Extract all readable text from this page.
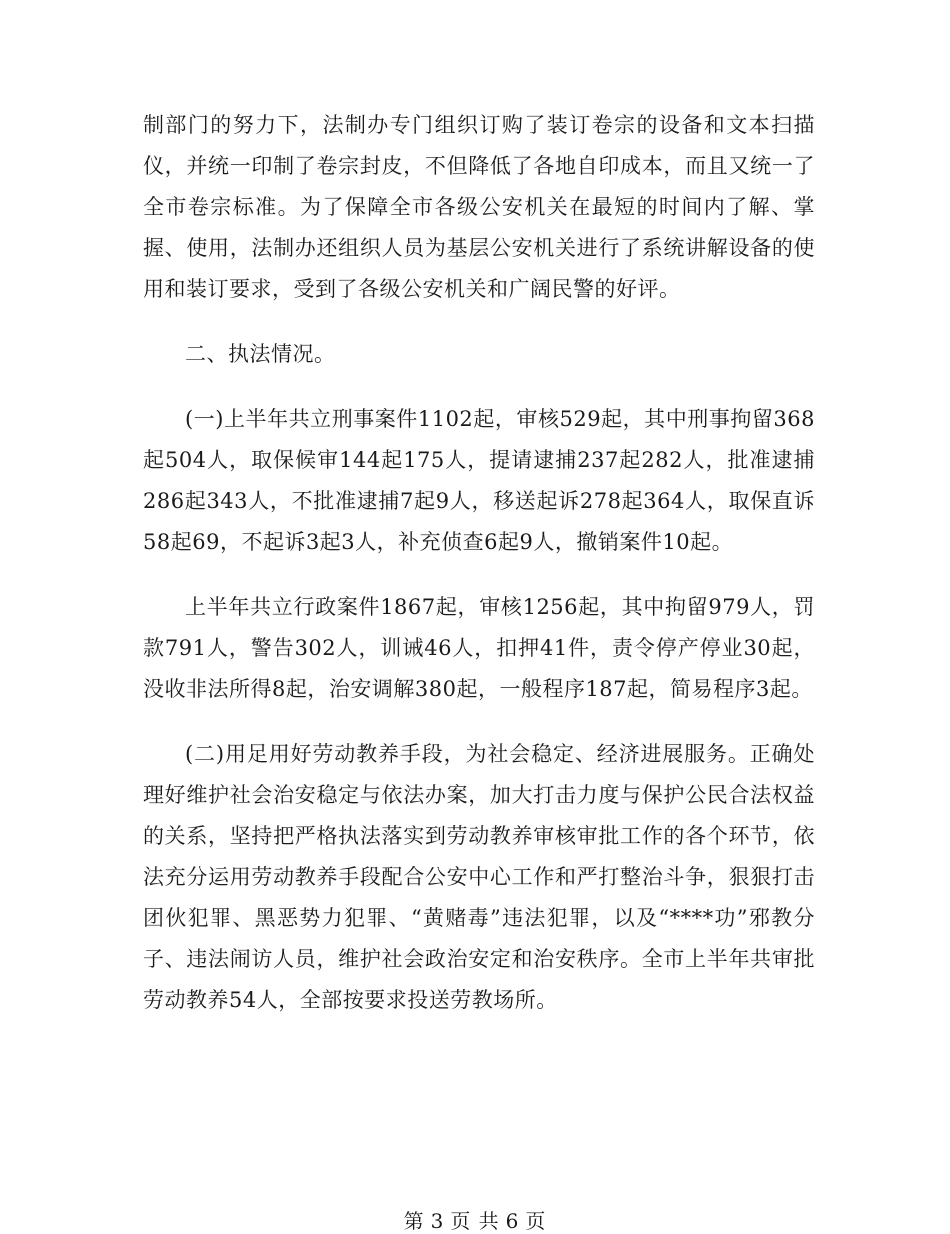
制部门的努力下，法制办专门组织订购了装订卷宗的设备和文本扫描仪，并统一印制了卷宗封皮，不但降低了各地自印成本，而且又统一了全市卷宗标准。为了保障全市各级公安机关在最短的时间内了解、掌握、使用，法制办还组织人员为基层公安机关进行了系统讲解设备的使用和装订要求，受到了各级公安机关和广阔民警的好评。

二、执法情况。

(一)上半年共立刑事案件1102起，审核529起，其中刑事拘留368起504人，取保候审144起175人，提请逮捕237起282人，批准逮捕286起343人，不批准逮捕7起9人，移送起诉278起364人，取保直诉58起69，不起诉3起3人，补充侦查6起9人，撤销案件10起。

上半年共立行政案件1867起，审核1256起，其中拘留979人，罚款791人，警告302人，训诫46人，扣押41件，责令停产停业30起，没收非法所得8起，治安调解380起，一般程序187起，简易程序3起。

(二)用足用好劳动教养手段，为社会稳定、经济进展服务。正确处理好维护社会治安稳定与依法办案，加大打击力度与保护公民合法权益的关系，坚持把严格执法落实到劳动教养审核审批工作的各个环节，依法充分运用劳动教养手段配合公安中心工作和严打整治斗争，狠狠打击团伙犯罪、黑恶势力犯罪、“黄赌毒”违法犯罪，以及“****功”邪教分子、违法闹访人员，维护社会政治安定和治安秩序。全市上半年共审批劳动教养54人，全部按要求投送劳教场所。

第 3 页 共 6 页
